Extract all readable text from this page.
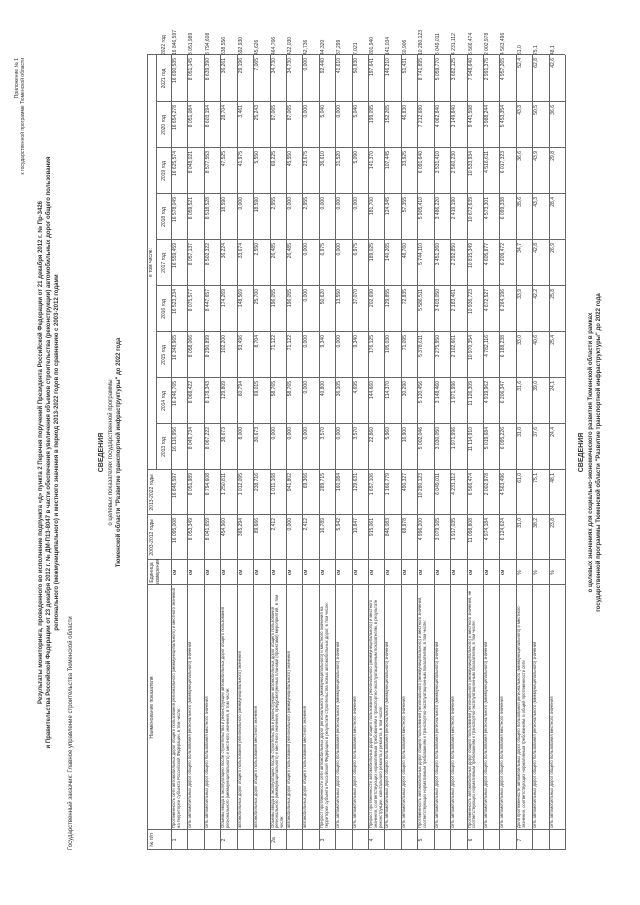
Приложение № 1 к государственной программе Тюменской области
Результаты мониторинга, проведенного во исполнение подпункта «д» пункта 2 Перечня поручений Президента Российской Федерации от 21 декабря 2012 г. № Пр-3426 и Правительства Российской Федерации от 23 декабря 2012 г. № ДМ-П13-8047 в части обеспечения увеличения объемов строительства (реконструкции) автомобильных дорог общего пользования регионального (межмуниципального) и местного значения в период 2013-2022 годов по сравнению с 2003-2012 годами
Государственный заказчик: Главное управление строительства Тюменской области
СВЕДЕНИЯ о целевых показателях государственной программы Тюменской области "Развитие транспортной инфраструктуры" до 2022 года
№ п/п
Наименование показателя
Единица измерения
2003-2012 годы
2013-2022 годы
в том числе:
2013 год
2014 год
2015 год
2016 год
2017 год
2018 год
2019 год
2020 год
2021 год
2022 год
1
Протяженность сети автомобильных дорог общего пользования регионального (межмуниципального) и местного значения на территории субъекта Российской Федерации, в том числе:
км
16 095,008
16 846,597
16 116,956
16 246,765
16 348,965
16 523,234
16 559,459
16 578,049
16 625,574
16 654,278
16 690,535
16 846,597
сеть автомобильных дорог общего пользования регионального (межмуниципального) значения
км
8 053,349
8 051,989
8 049,734
8 068,422
8 058,066
8 075,577
8 057,137
8 059,521
8 048,021
8 051,084
8 051,145
8 051,989
сеть автомобильных дорог общего пользования местного значения
км
8 041,659
8 794,608
8 067,222
8 178,343
8 290,899
8 447,657
8 502,322
8 518,528
8 577,553
8 603,194
8 639,390
8 794,608
2
Объемы ввода в эксплуатацию после строительства и реконструкции автомобильных дорог общего пользования регионального (межмуниципального) и местного значения, в том числе:
км
454,960
1 250,811
38,673
129,809
102,200
174,269
36,224
18,590
47,525
28,704
36,261
638,556
автомобильных дорог общего пользования регионального (межмуниципального) значения
км
365,294
1 012,095
8,000
60,794
93,496
148,569
33,674
0,000
41,975
3,461
29,196
592,930
автомобильных дорог общего пользования местного значения
км
89,666
238,716
30,673
69,015
8,704
25,700
2,550
18,590
5,550
25,243
7,065
45,626
2а
Объемы ввода в эксплуатацию после строительства и реконструкции автомобильных дорог общего пользования регионального (межмуниципального) и местного значения, предусмотренных планами (проектами) мероприятий, в том числе:
км
2,412
1 011,168
0,000
58,765
71,122
196,055
26,485
2,955
69,225
87,065
34,730
464,766
автомобильных дорог общего пользования регионального (межмуниципального) значения
км
0,000
941,802
0,000
58,765
71,122
196,055
26,485
0,000
45,550
87,065
34,730
422,030
автомобильных дорог общего пользования местного значения
км
2,412
69,366
0,000
0,000
0,000
0,000
0,000
2,955
23,675
0,000
0,000
42,736
3
Прирост протяженности сети автомобильных дорог регионального (межмуниципального) и местного значения на территории субъекта Российской Федерации в результате строительства новых автомобильных дорог, в том числе:
км
16,789
289,715
3,570
40,800
9,340
50,620
6,975
0,000
36,610
5,040
92,440
44,320
сеть автомобильных дорог общего пользования регионального (межмуниципального) значения
км
5,942
160,084
0,000
36,105
0,000
13,550
0,000
0,000
31,520
0,000
41,610
37,299
сеть автомобильных дорог общего пользования местного значения
км
10,847
129,631
3,570
4,695
9,340
37,070
6,975
0,000
5,090
5,040
50,830
7,021
4
Прирост протяженности автомобильных дорог общего пользования регионального (межмуниципального) и местного значения, соответствующих нормативным требованиям к транспортно-эксплуатационным показателям, в результате реконструкции, капитального ремонта и ремонта, в том числе:
км
915,061
1 657,106
22,860
144,660
176,125
202,690
189,025
181,700
141,370
199,095
197,641
201,940
сеть автомобильных дорог общего пользования регионального (межмуниципального) значения
км
846,083
1 166,779
5,960
114,370
105,030
129,855
140,265
124,345
107,445
152,265
146,210
141,034
сеть автомобильных дорог общего пользования местного значения
км
68,978
490,327
16,900
30,290
71,095
72,835
48,760
57,355
33,925
46,830
51,431
60,906
5
Протяженность автомобильных дорог общего пользования регионального (межмуниципального) и местного значения, соответствующих нормативным требованиям к транспортно-эксплуатационным показателям, в том числе:
км
4 996,200
10 280,123
5 002,046
5 120,456
5 378,611
5 586,511
5 744,110
5 905,410
6 091,640
7 212,680
8 741,895
10 280,123
сеть автомобильных дорог общего пользования регионального (межмуниципального) значения
км
3 079,165
6 049,011
3 030,050
3 148,460
3 275,950
3 403,050
3 451,260
3 486,220
3 531,410
4 062,840
5 059,770
6 049,011
сеть автомобильных дорог общего пользования местного значения
км
1 917,035
4 231,112
1 971,996
1 971,996
2 102,661
2 183,461
2 292,850
2 419,190
2 560,230
3 149,840
3 682,125
4 231,112
6
Протяженность автомобильных дорог общего пользования регионального (межмуниципального) и местного значения, не соответствующих нормативным требованиям к транспортно-эксплуатационным показателям, в том числе:
км
11 098,808
6 566,474
11 114,910
11 126,309
10 970,354
10 936,723
10 815,349
10 672,639
10 533,934
9 441,598
7 948,640
6 566,474
сеть автомобильных дорог общего пользования регионального (межмуниципального) значения
км
4 974,184
2 002,978
5 019,684
4 919,962
4 782,116
4 672,527
4 605,877
4 573,301
4 516,611
3 988,244
2 991,375
2 002,978
сеть автомобильных дорог общего пользования местного значения
км
6 124,624
4 563,496
6 095,226
6 206,347
6 188,238
6 264,196
6 209,472
6 099,338
6 017,323
5 453,354
4 957,265
4 563,496
7
Доля протяженности автомобильных дорог общего пользования регионального (межмуниципального) и местного значения, соответствующих нормативным требованиям, в общей протяженности сети
%
31,0
61,0
31,0
31,6
33,0
33,9
34,7
35,6
36,6
43,3
52,4
61,0
сеть автомобильных дорог общего пользования регионального (межмуниципального) значения
%
38,2
75,1
37,6
39,0
40,6
42,2
42,8
43,3
43,9
50,5
62,8
75,1
сеть автомобильных дорог общего пользования местного значения
%
23,8
48,1
24,4
24,1
25,4
25,8
26,9
28,4
29,8
36,6
42,6
48,1
СВЕДЕНИЯ о целевых значениях для социально-экономического развития Тюменской области в рамках государственной программы Тюменской области "Развитие транспортной инфраструктуры" до 2022 года
